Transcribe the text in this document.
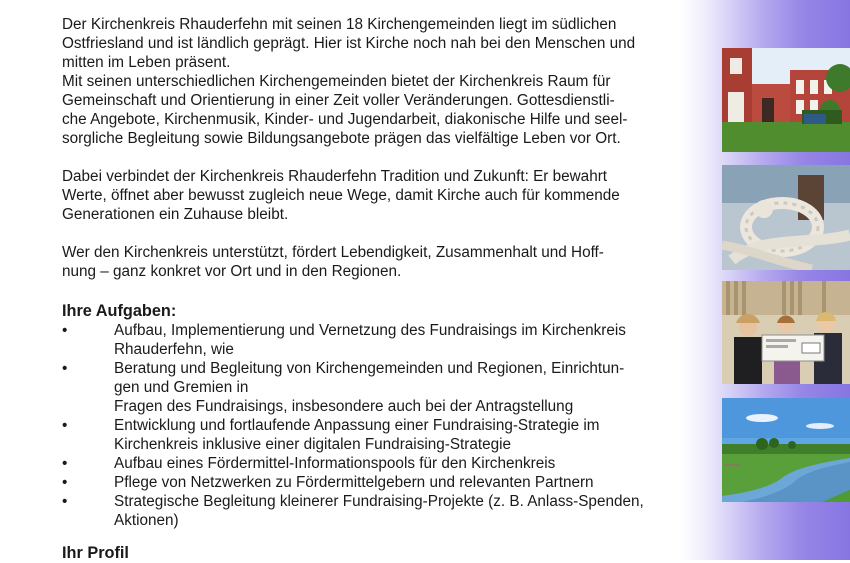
Der Kirchenkreis Rhauderfehn mit seinen 18 Kirchengemeinden liegt im südlichen
Ostfriesland und ist ländlich geprägt. Hier ist Kirche noch nah bei den Menschen und
mitten im Leben präsent.
Mit seinen unterschiedlichen Kirchengemeinden bietet der Kirchenkreis Raum für
Gemeinschaft und Orientierung in einer Zeit voller Veränderungen. Gottesdienstli-
che Angebote, Kirchenmusik, Kinder- und Jugendarbeit, diakonische Hilfe und seel-
sorgliche Begleitung sowie Bildungsangebote prägen das vielfältige Leben vor Ort.

Dabei verbindet der Kirchenkreis Rhauderfehn Tradition und Zukunft: Er bewahrt
Werte, öffnet aber bewusst zugleich neue Wege, damit Kirche auch für kommende
Generationen ein Zuhause bleibt.

Wer den Kirchenkreis unterstützt, fördert Lebendigkeit, Zusammenhalt und Hoff-
nung – ganz konkret vor Ort und in den Regionen.

Ihre Aufgaben:
•	Aufbau, Implementierung und Vernetzung des Fundraisings im Kirchenkreis
Rhauderfehn, wie
•	Beratung und Begleitung von Kirchengemeinden und Regionen, Einrichtun-
gen und Gremien in
Fragen des Fundraisings, insbesondere auch bei der Antragstellung
•	Entwicklung und fortlaufende Anpassung einer Fundraising-Strategie im
Kirchenkreis inklusive einer digitalen Fundraising-Strategie
•	Aufbau eines Fördermittel-Informationspools für den Kirchenkreis
•	Pflege von Netzwerken zu Fördermittelgebern und relevanten Partnern
•	Strategische Begleitung kleinerer Fundraising-Projekte (z. B. Anlass-Spenden,
Aktionen)
Ihr Profil
